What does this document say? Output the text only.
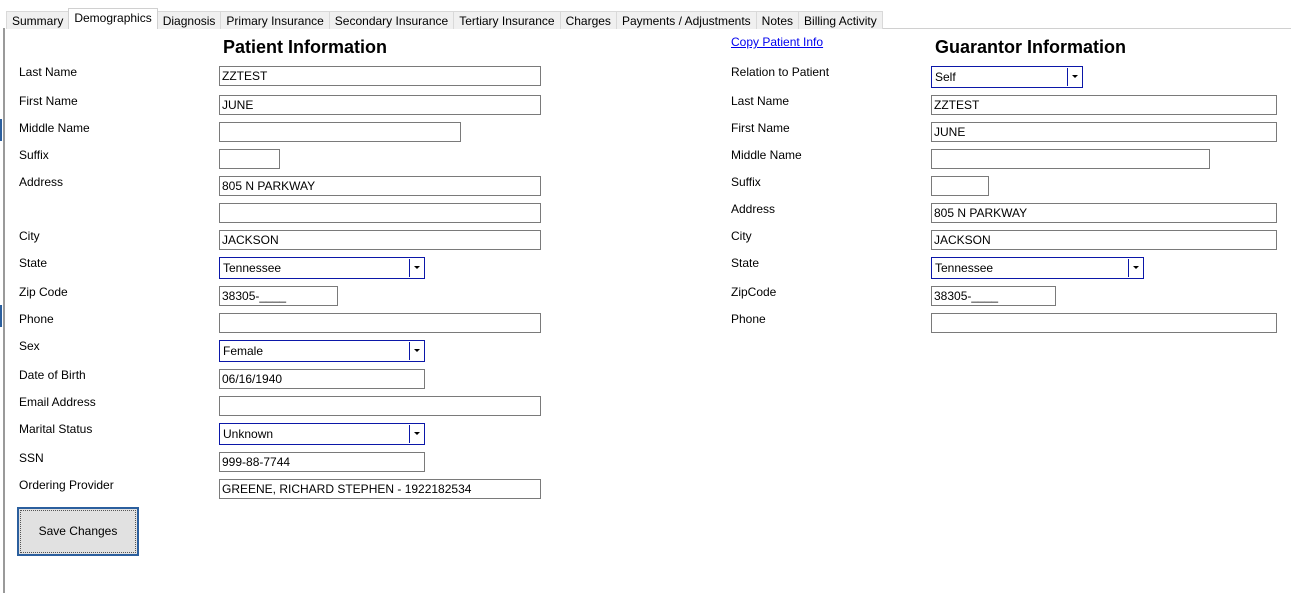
Summary Demographics Diagnosis Primary Insurance Secondary Insurance Tertiary Insurance Charges Payments / Adjustments Notes Billing Activity
Patient Information
Last Name	ZZTEST
First Name	JUNE
Middle Name
Suffix
Address	805 N PARKWAY
City	JACKSON
State	Tennessee
Zip Code	38305-____
Phone
Sex	Female
Date of Birth	06/16/1940
Email Address
Marital Status	Unknown
SSN	999-88-7744
Ordering Provider	GREENE, RICHARD STEPHEN - 1922182534
Save Changes
Copy Patient Info	Guarantor Information
Relation to Patient	Self
Last Name	ZZTEST
First Name	JUNE
Middle Name
Suffix
Address	805 N PARKWAY
City	JACKSON
State	Tennessee
ZipCode	38305-____
Phone
